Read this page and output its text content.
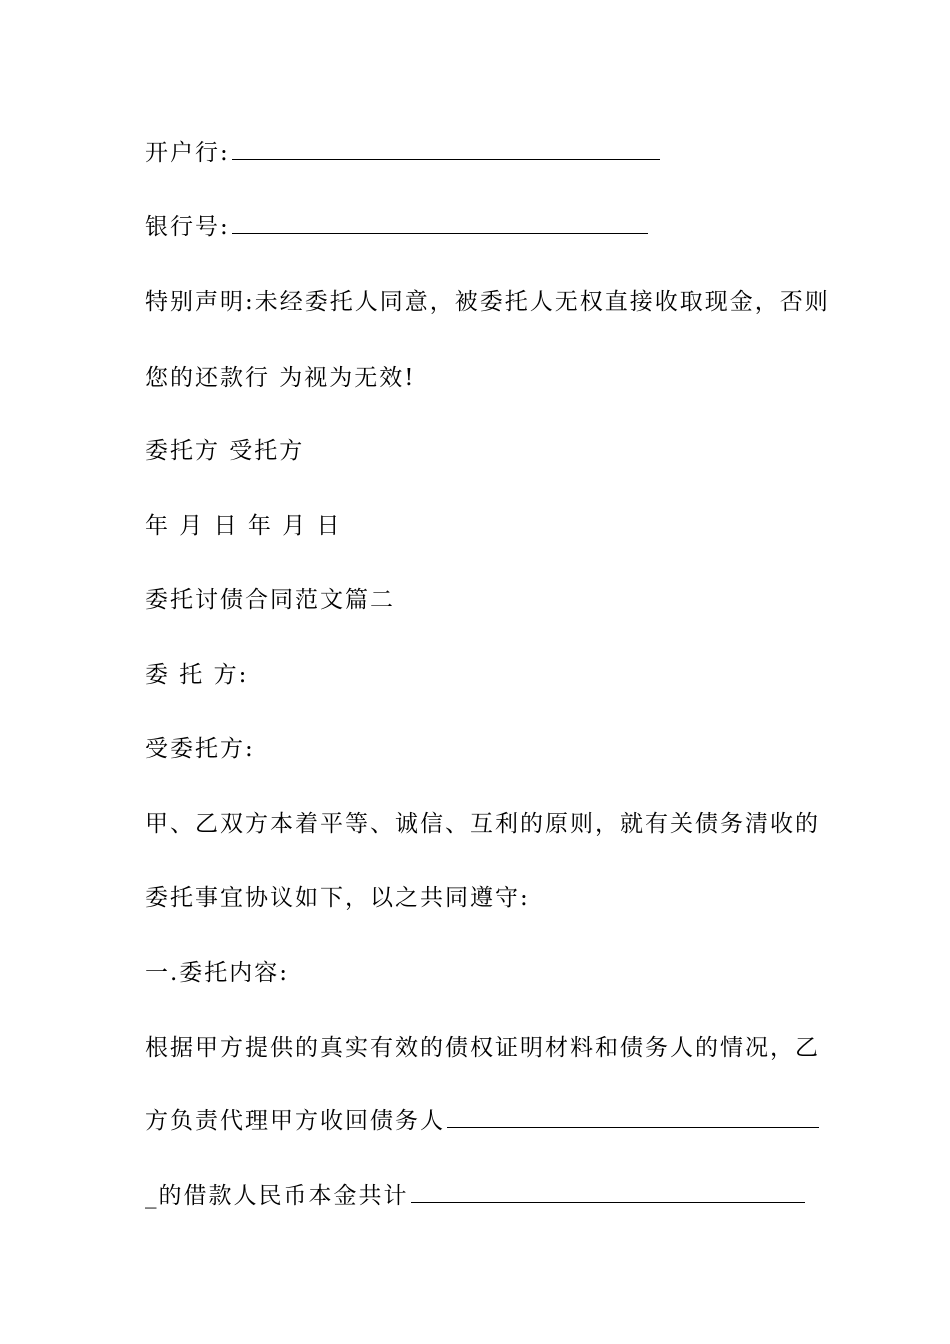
开户行:
银行号:
特别声明:未经委托人同意，被委托人无权直接收取现金，否则
您的还款行 为视为无效!
委托方 受托方
年 月 日 年 月 日
委托讨债合同范文篇二
委 托 方:
受委托方:
甲、乙双方本着平等、诚信、互利的原则，就有关债务清收的
委托事宜协议如下，以之共同遵守:
一.委托内容:
根据甲方提供的真实有效的债权证明材料和债务人的情况，乙
方负责代理甲方收回债务人
_的借款人民币本金共计
